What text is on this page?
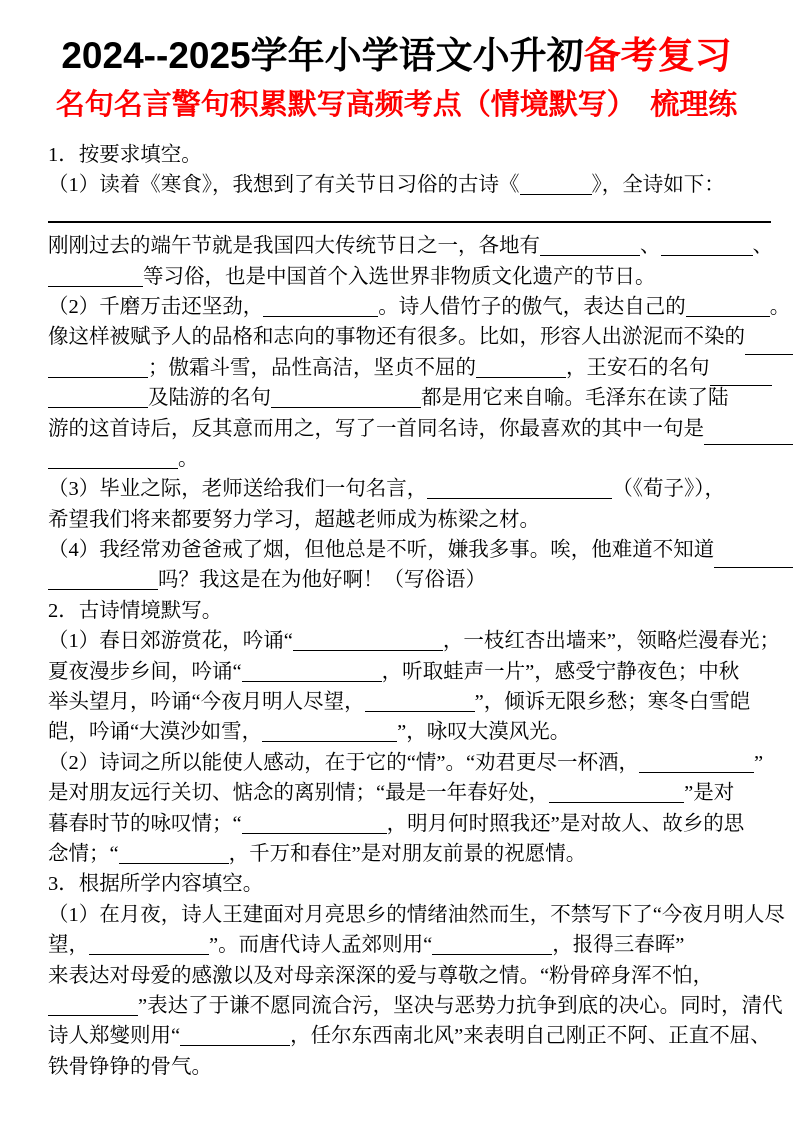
2024--2025学年小学语文小升初备考复习
名句名言警句积累默写高频考点（情境默写）　梳理练
1．按要求填空。
（1）读着《寒食》，我想到了有关节日习俗的古诗《	》，全诗如下：
刚刚过去的端午节就是我国四大传统节日之一，各地有	、	、
等习俗，也是中国首个入选世界非物质文化遗产的节日。
（2）千磨万击还坚劲，	。诗人借竹子的傲气，表达自己的	。
像这样被赋予人的品格和志向的事物还有很多。比如，形容人出淤泥而不染的
；傲霜斗雪，品性高洁，坚贞不屈的	，王安石的名句
及陆游的名句	都是用它来自喻。毛泽东在读了陆
游的这首诗后，反其意而用之，写了一首同名诗，你最喜欢的其中一句是
。
（3）毕业之际，老师送给我们一句名言，	（《荀子》），
希望我们将来都要努力学习，超越老师成为栋梁之材。
（4）我经常劝爸爸戒了烟，但他总是不听，嫌我多事。唉，他难道不知道
吗？我这是在为他好啊！（写俗语）
2．古诗情境默写。
（1）春日郊游赏花，吟诵“	，一枝红杏出墙来”，领略烂漫春光；
夏夜漫步乡间，吟诵“	，听取蛙声一片”，感受宁静夜色；中秋
举头望月，吟诵“今夜月明人尽望，	”，倾诉无限乡愁；寒冬白雪皑
皑，吟诵“大漠沙如雪，	”，咏叹大漠风光。
（2）诗词之所以能使人感动，在于它的“情”。“劝君更尽一杯酒，	”
是对朋友远行关切、惦念的离别情；“最是一年春好处，	”是对
暮春时节的咏叹情；“	，明月何时照我还”是对故人、故乡的思
念情；“	，千万和春住”是对朋友前景的祝愿情。
3．根据所学内容填空。
（1）在月夜，诗人王建面对月亮思乡的情绪油然而生，不禁写下了“今夜月明人尽
望，	”。而唐代诗人孟郊则用“	，报得三春晖”
来表达对母爱的感激以及对母亲深深的爱与尊敬之情。“粉骨碎身浑不怕，
”表达了于谦不愿同流合污，坚决与恶势力抗争到底的决心。同时，清代
诗人郑燮则用“	，任尔东西南北风”来表明自己刚正不阿、正直不屈、
铁骨铮铮的骨气。
